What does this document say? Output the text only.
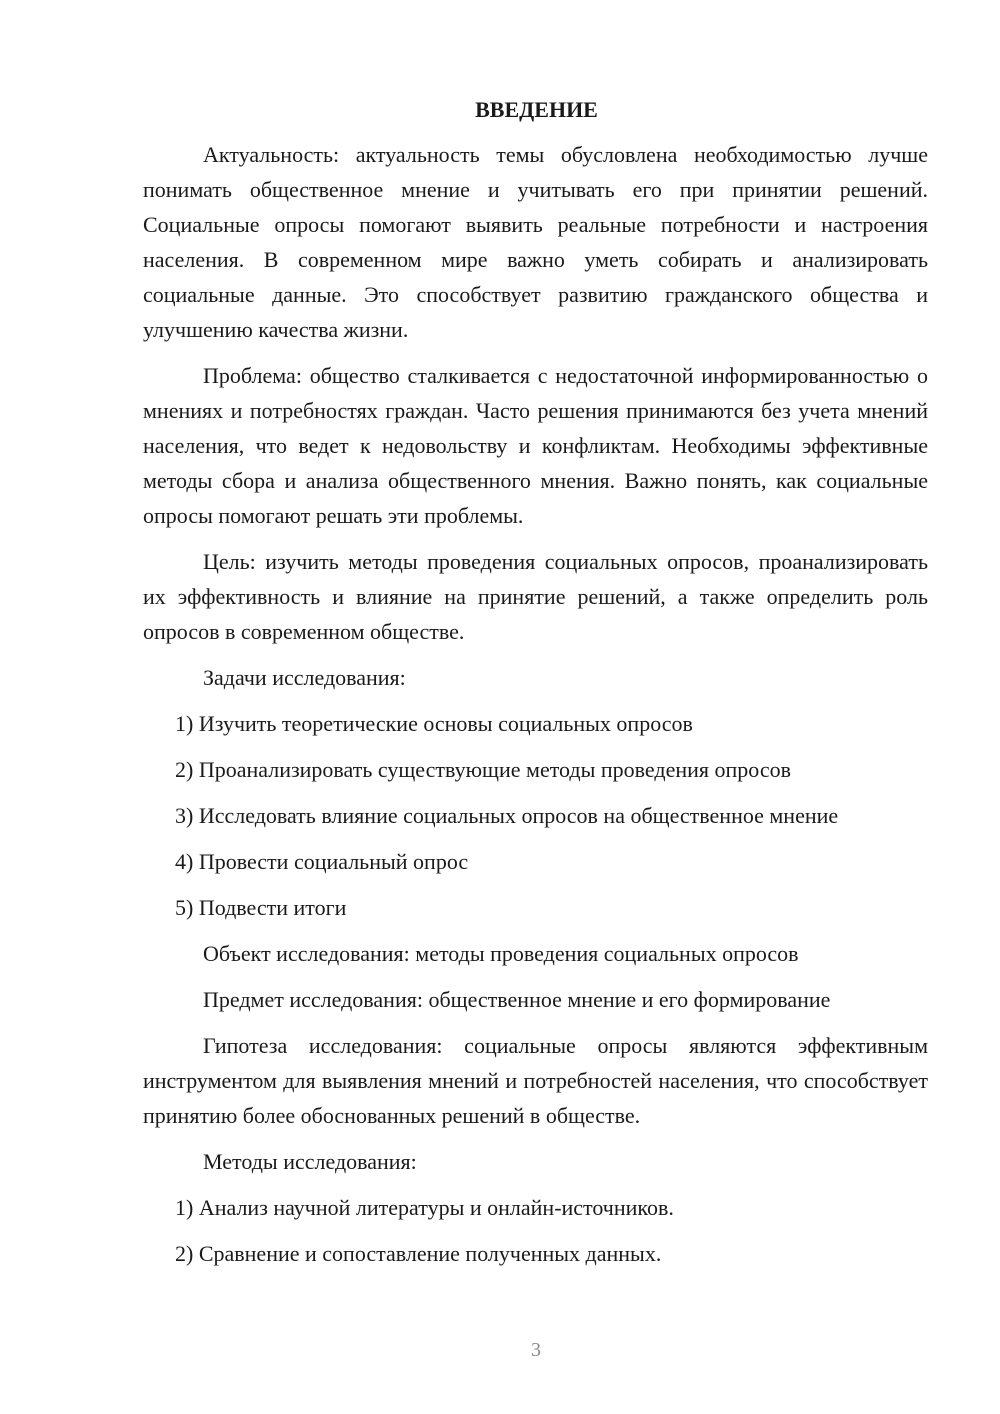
ВВЕДЕНИЕ

Актуальность: актуальность темы обусловлена необходимостью лучше понимать общественное мнение и учитывать его при принятии решений. Социальные опросы помогают выявить реальные потребности и настроения населения. В современном мире важно уметь собирать и анализировать социальные данные. Это способствует развитию гражданского общества и улучшению качества жизни.

Проблема: общество сталкивается с недостаточной информированностью о мнениях и потребностях граждан. Часто решения принимаются без учета мнений населения, что ведет к недовольству и конфликтам. Необходимы эффективные методы сбора и анализа общественного мнения. Важно понять, как социальные опросы помогают решать эти проблемы.

Цель: изучить методы проведения социальных опросов, проанализировать их эффективность и влияние на принятие решений, а также определить роль опросов в современном обществе.

Задачи исследования:

1) Изучить теоретические основы социальных опросов
2) Проанализировать существующие методы проведения опросов
3) Исследовать влияние социальных опросов на общественное мнение
4) Провести социальный опрос
5) Подвести итоги

Объект исследования: методы проведения социальных опросов

Предмет исследования: общественное мнение и его формирование

Гипотеза исследования: социальные опросы являются эффективным инструментом для выявления мнений и потребностей населения, что способствует принятию более обоснованных решений в обществе.

Методы исследования:

1) Анализ научной литературы и онлайн-источников.
2) Сравнение и сопоставление полученных данных.
3
